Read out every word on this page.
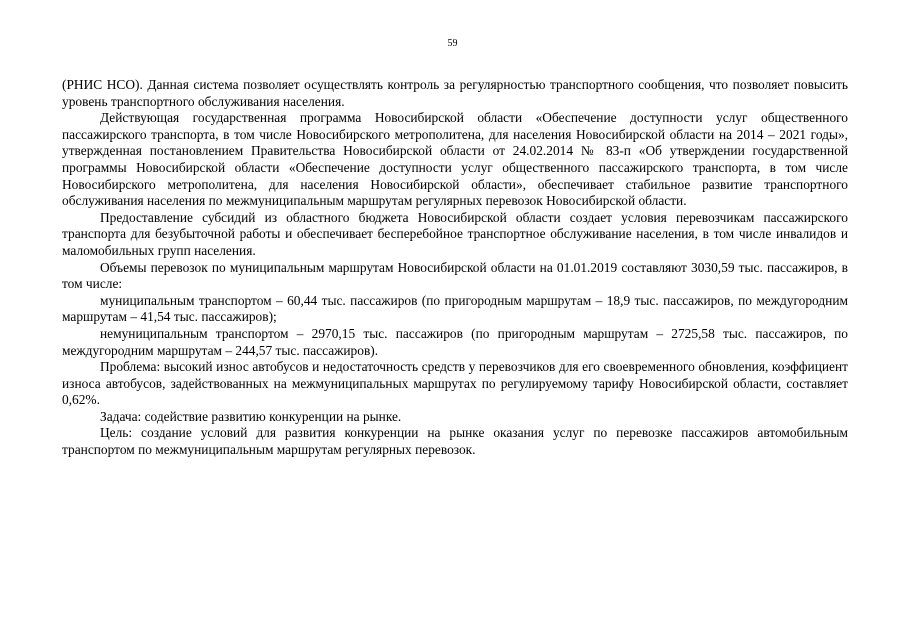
59

(РНИС НСО). Данная система позволяет осуществлять контроль за регулярностью транспортного сообщения, что позволяет повысить уровень транспортного обслуживания населения.

Действующая государственная программа Новосибирской области «Обеспечение доступности услуг общественного пассажирского транспорта, в том числе Новосибирского метрополитена, для населения Новосибирской области на 2014 – 2021 годы», утвержденная постановлением Правительства Новосибирской области от 24.02.2014 № 83-п «Об утверждении государственной программы Новосибирской области «Обеспечение доступности услуг общественного пассажирского транспорта, в том числе Новосибирского метрополитена, для населения Новосибирской области», обеспечивает стабильное развитие транспортного обслуживания населения по межмуниципальным маршрутам регулярных перевозок Новосибирской области.

Предоставление субсидий из областного бюджета Новосибирской области создает условия перевозчикам пассажирского транспорта для безубыточной работы и обеспечивает бесперебойное транспортное обслуживание населения, в том числе инвалидов и маломобильных групп населения.

Объемы перевозок по муниципальным маршрутам Новосибирской области на 01.01.2019 составляют 3030,59 тыс. пассажиров, в том числе:

муниципальным транспортом – 60,44 тыс. пассажиров (по пригородным маршрутам – 18,9 тыс. пассажиров, по междугородним маршрутам – 41,54 тыс. пассажиров);

немуниципальным транспортом – 2970,15 тыс. пассажиров (по пригородным маршрутам – 2725,58 тыс. пассажиров, по междугородним маршрутам – 244,57 тыс. пассажиров).

Проблема: высокий износ автобусов и недостаточность средств у перевозчиков для его своевременного обновления, коэффициент износа автобусов, задействованных на межмуниципальных маршрутах по регулируемому тарифу Новосибирской области, составляет 0,62%.

Задача: содействие развитию конкуренции на рынке.

Цель: создание условий для развития конкуренции на рынке оказания услуг по перевозке пассажиров автомобильным транспортом по межмуниципальным маршрутам регулярных перевозок.
